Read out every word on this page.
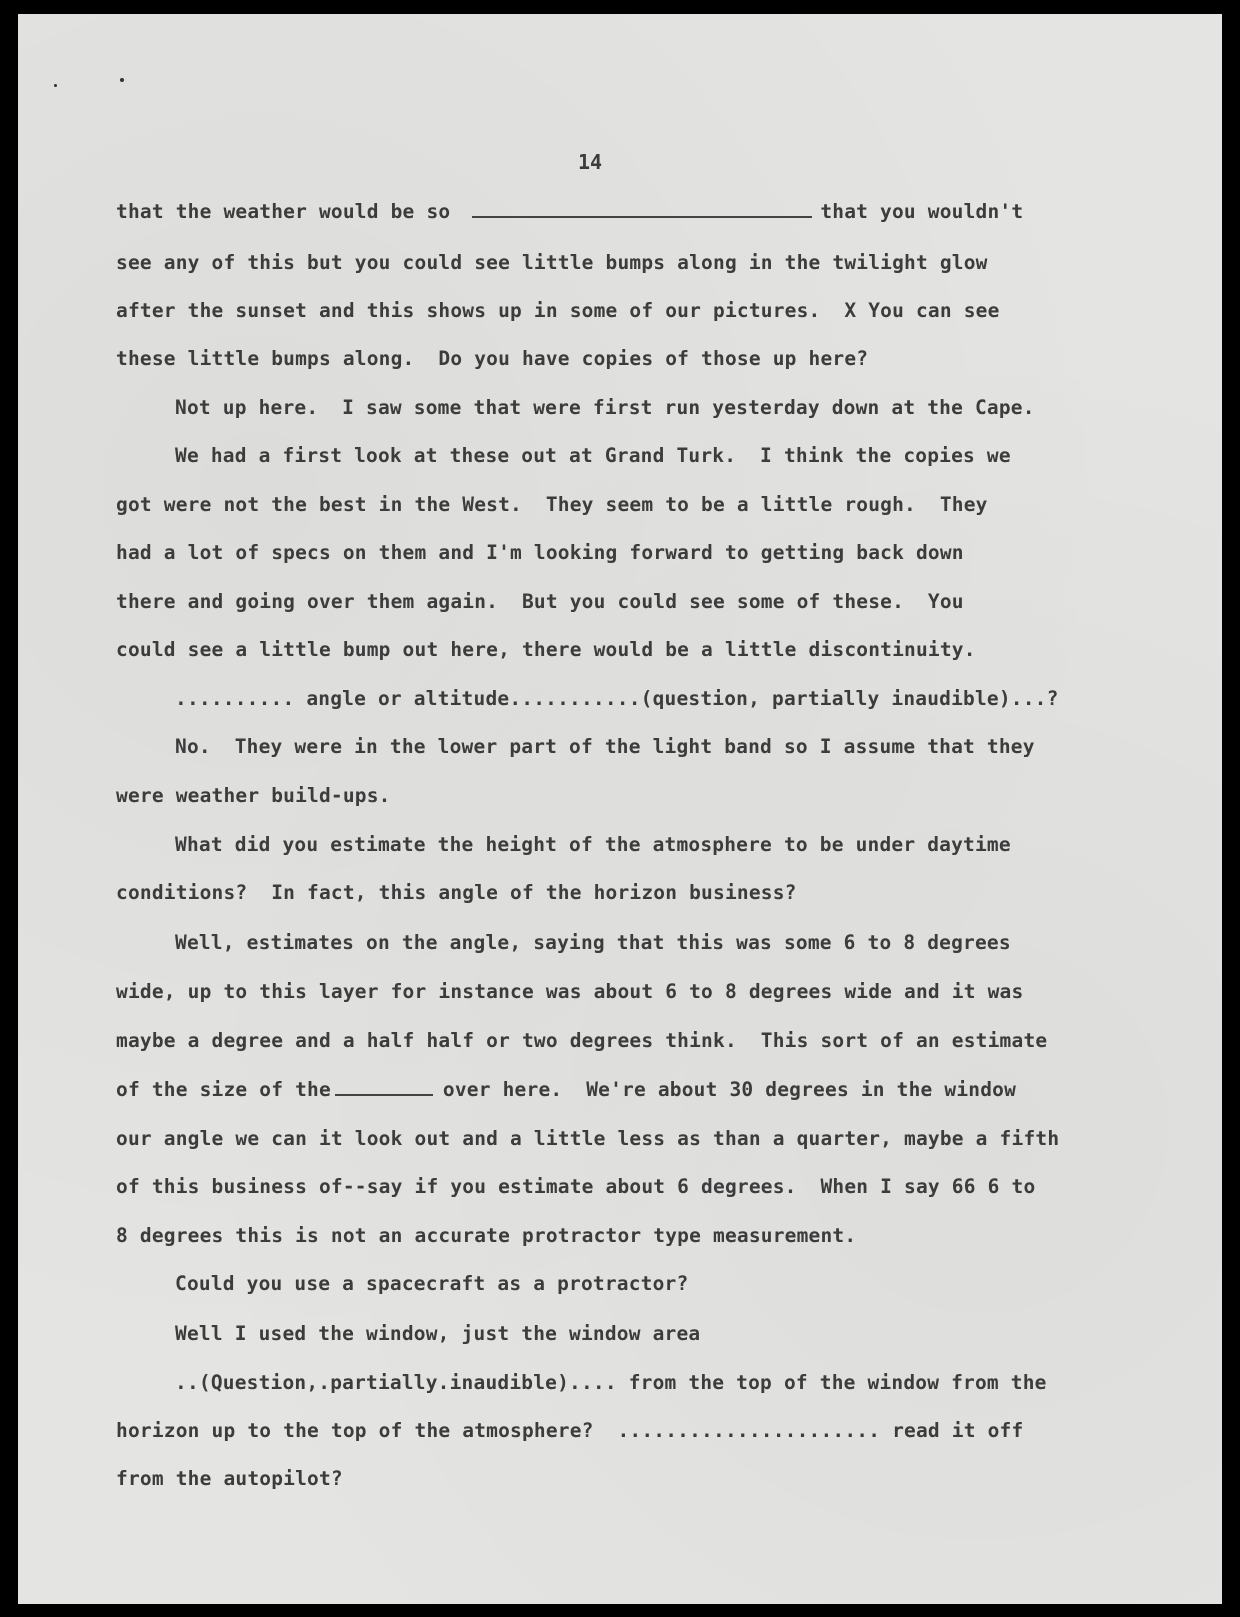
14
that the weather would be so	that you wouldn't
see any of this but you could see little bumps along in the twilight glow
after the sunset and this shows up in some of our pictures.  X You can see
these little bumps along.  Do you have copies of those up here?
Not up here.  I saw some that were first run yesterday down at the Cape.
We had a first look at these out at Grand Turk.  I think the copies we
got were not the best in the West.  They seem to be a little rough.  They
had a lot of specs on them and I'm looking forward to getting back down
there and going over them again.  But you could see some of these.  You
could see a little bump out here, there would be a little discontinuity.
.......... angle or altitude...........(question, partially inaudible)...?
No.  They were in the lower part of the light band so I assume that they
were weather build-ups.
What did you estimate the height of the atmosphere to be under daytime
conditions?  In fact, this angle of the horizon business?
Well, estimates on the angle, saying that this was some 6 to 8 degrees
wide, up to this layer for instance was about 6 to 8 degrees wide and it was
maybe a degree and a half half or two degrees think.  This sort of an estimate
of the size of the	over here.  We're about 30 degrees in the window
our angle we can it look out and a little less as than a quarter, maybe a fifth
of this business of--say if you estimate about 6 degrees.  When I say 66 6 to
8 degrees this is not an accurate protractor type measurement.
Could you use a spacecraft as a protractor?
Well I used the window, just the window area
..(Question,.partially.inaudible).... from the top of the window from the
horizon up to the top of the atmosphere?  ...................... read it off
from the autopilot?
